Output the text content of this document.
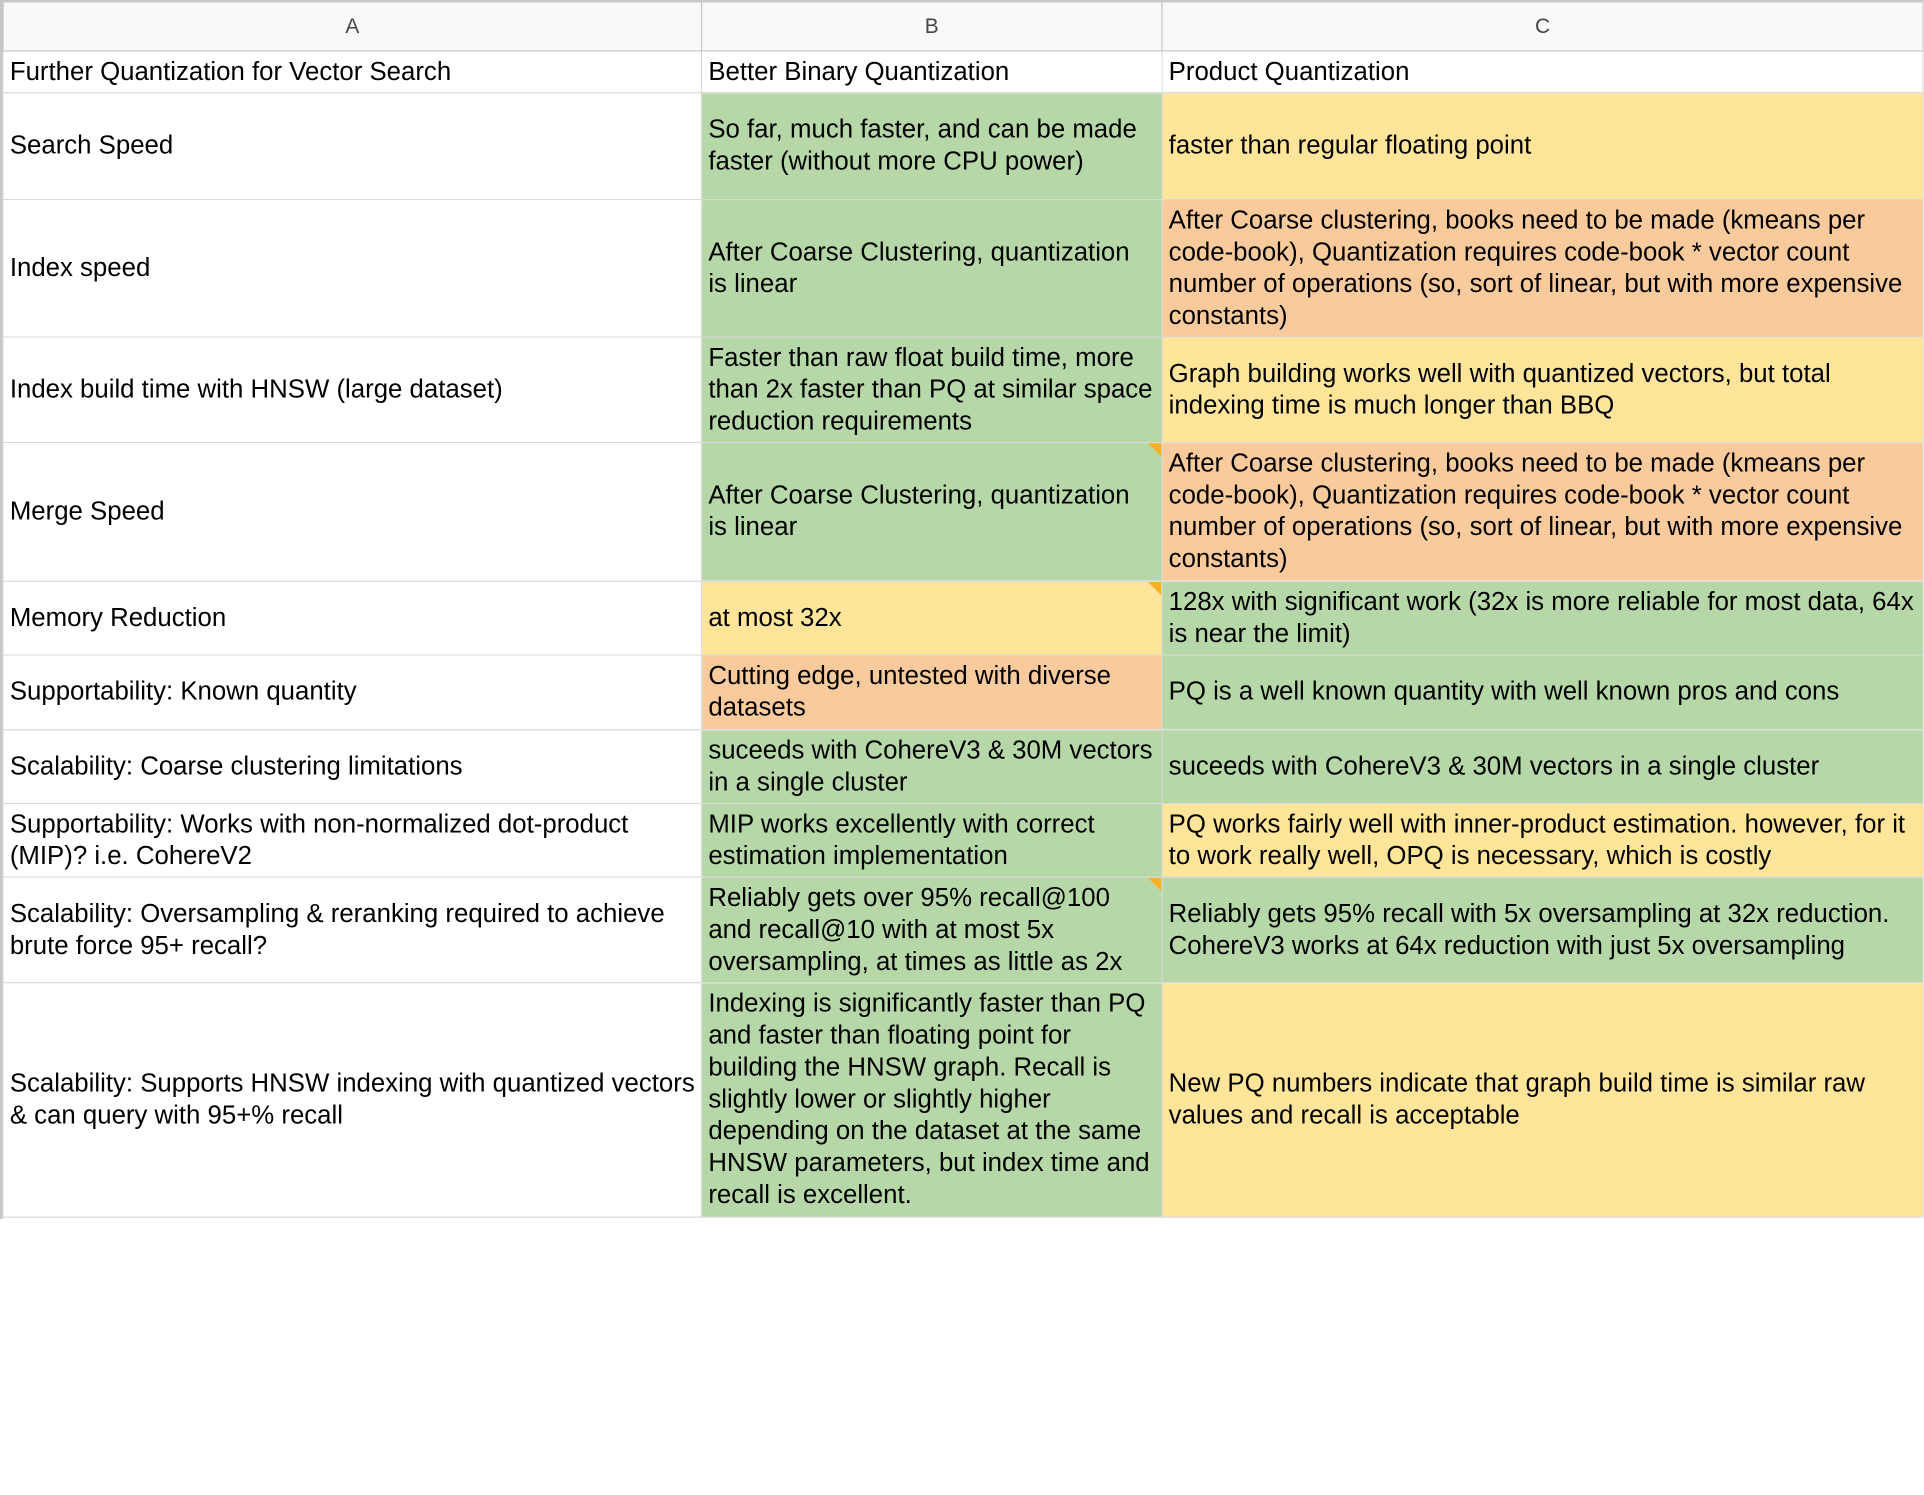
A	B	C
Further Quantization for Vector Search	Better Binary Quantization	Product Quantization
Search Speed	So far, much faster, and can be made faster (without more CPU power)	faster than regular floating point
Index speed	After Coarse Clustering, quantization is linear	After Coarse clustering, books need to be made (kmeans per code-book), Quantization requires code-book * vector count number of operations (so, sort of linear, but with more expensive constants)
Index build time with HNSW (large dataset)	Faster than raw float build time, more than 2x faster than PQ at similar space reduction requirements	Graph building works well with quantized vectors, but total indexing time is much longer than BBQ
Merge Speed	After Coarse Clustering, quantization is linear	After Coarse clustering, books need to be made (kmeans per code-book), Quantization requires code-book * vector count number of operations (so, sort of linear, but with more expensive constants)
Memory Reduction	at most 32x	128x with significant work (32x is more reliable for most data, 64x is near the limit)
Supportability: Known quantity	Cutting edge, untested with diverse datasets	PQ is a well known quantity with well known pros and cons
Scalability: Coarse clustering limitations	suceeds with CohereV3 & 30M vectors in a single cluster	suceeds with CohereV3 & 30M vectors in a single cluster
Supportability: Works with non-normalized dot-product (MIP)? i.e. CohereV2	MIP works excellently with correct estimation implementation	PQ works fairly well with inner-product estimation. however, for it to work really well, OPQ is necessary, which is costly
Scalability: Oversampling & reranking required to achieve brute force 95+ recall?	Reliably gets over 95% recall@100 and recall@10 with at most 5x oversampling, at times as little as 2x	Reliably gets 95% recall with 5x oversampling at 32x reduction. CohereV3 works at 64x reduction with just 5x oversampling
Scalability: Supports HNSW indexing with quantized vectors & can query with 95+% recall	Indexing is significantly faster than PQ and faster than floating point for building the HNSW graph. Recall is slightly lower or slightly higher depending on the dataset at the same HNSW parameters, but index time and recall is excellent.	New PQ numbers indicate that graph build time is similar raw values and recall is acceptable
